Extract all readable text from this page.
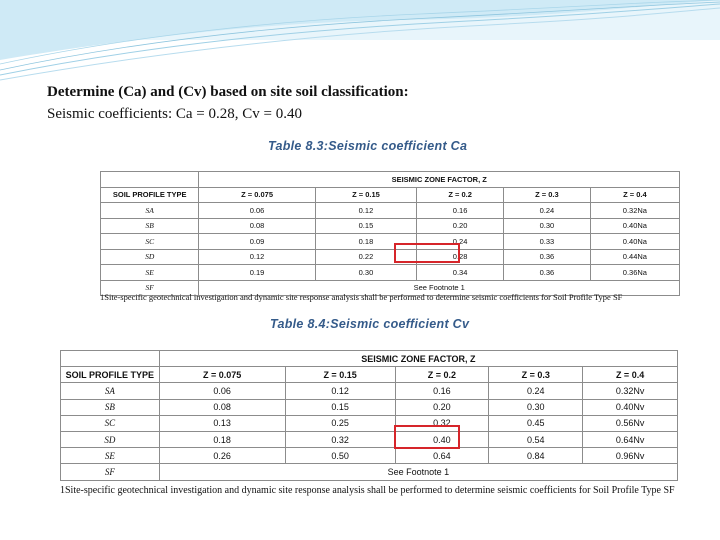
Determine (Ca) and (Cv) based on site soil classification:
Seismic coefficients: Ca = 0.28, Cv = 0.40
Table 8.3:Seismic coefficient Ca
	SEISMIC ZONE FACTOR, Z				
SOIL PROFILE TYPE	Z = 0.075	Z = 0.15	Z = 0.2	Z = 0.3	Z = 0.4
SA	0.06	0.12	0.16	0.24	0.32Na
SB	0.08	0.15	0.20	0.30	0.40Na
SC	0.09	0.18	0.24	0.33	0.40Na
SD	0.12	0.22	0.28	0.36	0.44Na
SE	0.19	0.30	0.34	0.36	0.36Na
SF	See Footnote 1				
1Site-specific geotechnical investigation and dynamic site response analysis shall be performed to determine seismic coefficients for Soil Profile Type SF
Table 8.4:Seismic coefficient Cv
	SEISMIC ZONE FACTOR, Z				
SOIL PROFILE TYPE	Z = 0.075	Z = 0.15	Z = 0.2	Z = 0.3	Z = 0.4
SA	0.06	0.12	0.16	0.24	0.32Nv
SB	0.08	0.15	0.20	0.30	0.40Nv
SC	0.13	0.25	0.32	0.45	0.56Nv
SD	0.18	0.32	0.40	0.54	0.64Nv
SE	0.26	0.50	0.64	0.84	0.96Nv
SF	See Footnote 1				
1Site-specific geotechnical investigation and dynamic site response analysis shall be performed to determine seismic coefficients for Soil Profile Type SF
